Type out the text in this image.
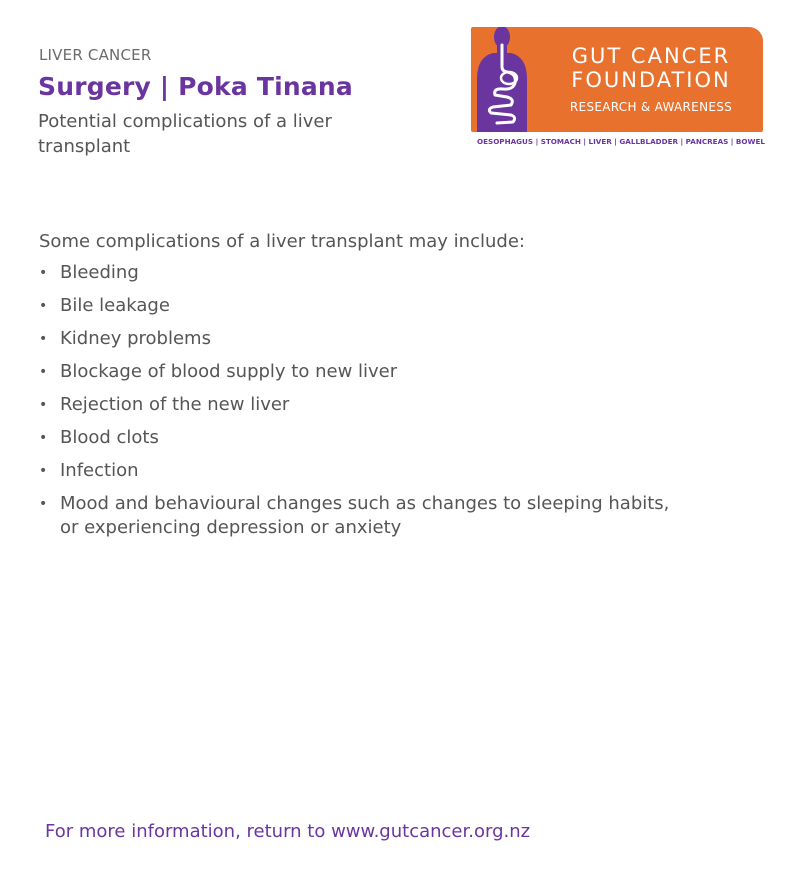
LIVER CANCER

Surgery | Poka Tinana

Potential complications of a liver transplant

GUT CANCER
FOUNDATION
RESEARCH & AWARENESS
OESOPHAGUS | STOMACH | LIVER | GALLBLADDER | PANCREAS | BOWEL

Some complications of a liver transplant may include:

• Bleeding
• Bile leakage
• Kidney problems
• Blockage of blood supply to new liver
• Rejection of the new liver
• Blood clots
• Infection
• Mood and behavioural changes such as changes to sleeping habits, or experiencing depression or anxiety

For more information, return to www.gutcancer.org.nz
